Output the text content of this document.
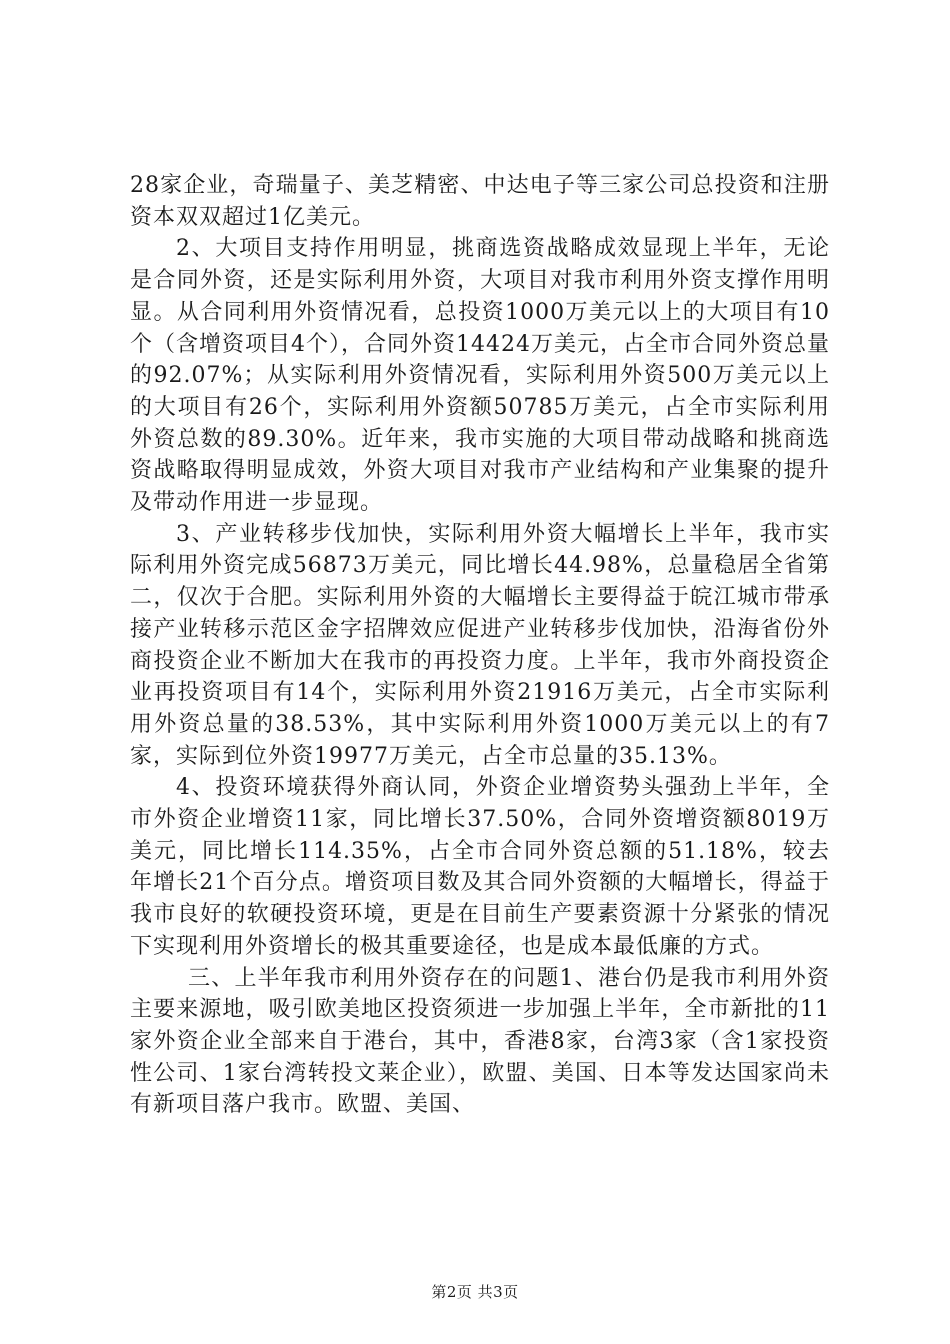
28家企业，奇瑞量子、美芝精密、中达电子等三家公司总投资和注册资本双双超过1亿美元。

2、大项目支持作用明显，挑商选资战略成效显现上半年，无论是合同外资，还是实际利用外资，大项目对我市利用外资支撑作用明显。从合同利用外资情况看，总投资1000万美元以上的大项目有10个（含增资项目4个），合同外资14424万美元，占全市合同外资总量的92.07%；从实际利用外资情况看，实际利用外资500万美元以上的大项目有26个，实际利用外资额50785万美元，占全市实际利用外资总数的89.30%。近年来，我市实施的大项目带动战略和挑商选资战略取得明显成效，外资大项目对我市产业结构和产业集聚的提升及带动作用进一步显现。

3、产业转移步伐加快，实际利用外资大幅增长上半年，我市实际利用外资完成56873万美元，同比增长44.98%，总量稳居全省第二，仅次于合肥。实际利用外资的大幅增长主要得益于皖江城市带承接产业转移示范区金字招牌效应促进产业转移步伐加快，沿海省份外商投资企业不断加大在我市的再投资力度。上半年，我市外商投资企业再投资项目有14个，实际利用外资21916万美元，占全市实际利用外资总量的38.53%，其中实际利用外资1000万美元以上的有7家，实际到位外资19977万美元，占全市总量的35.13%。

4、投资环境获得外商认同，外资企业增资势头强劲上半年，全市外资企业增资11家，同比增长37.50%，合同外资增资额8019万美元，同比增长114.35%，占全市合同外资总额的51.18%，较去年增长21个百分点。增资项目数及其合同外资额的大幅增长，得益于我市良好的软硬投资环境，更是在目前生产要素资源十分紧张的情况下实现利用外资增长的极其重要途径，也是成本最低廉的方式。

三、上半年我市利用外资存在的问题1、港台仍是我市利用外资主要来源地，吸引欧美地区投资须进一步加强上半年，全市新批的11家外资企业全部来自于港台，其中，香港8家，台湾3家（含1家投资性公司、1家台湾转投文莱企业），欧盟、美国、日本等发达国家尚未有新项目落户我市。欧盟、美国、

第2页 共3页
